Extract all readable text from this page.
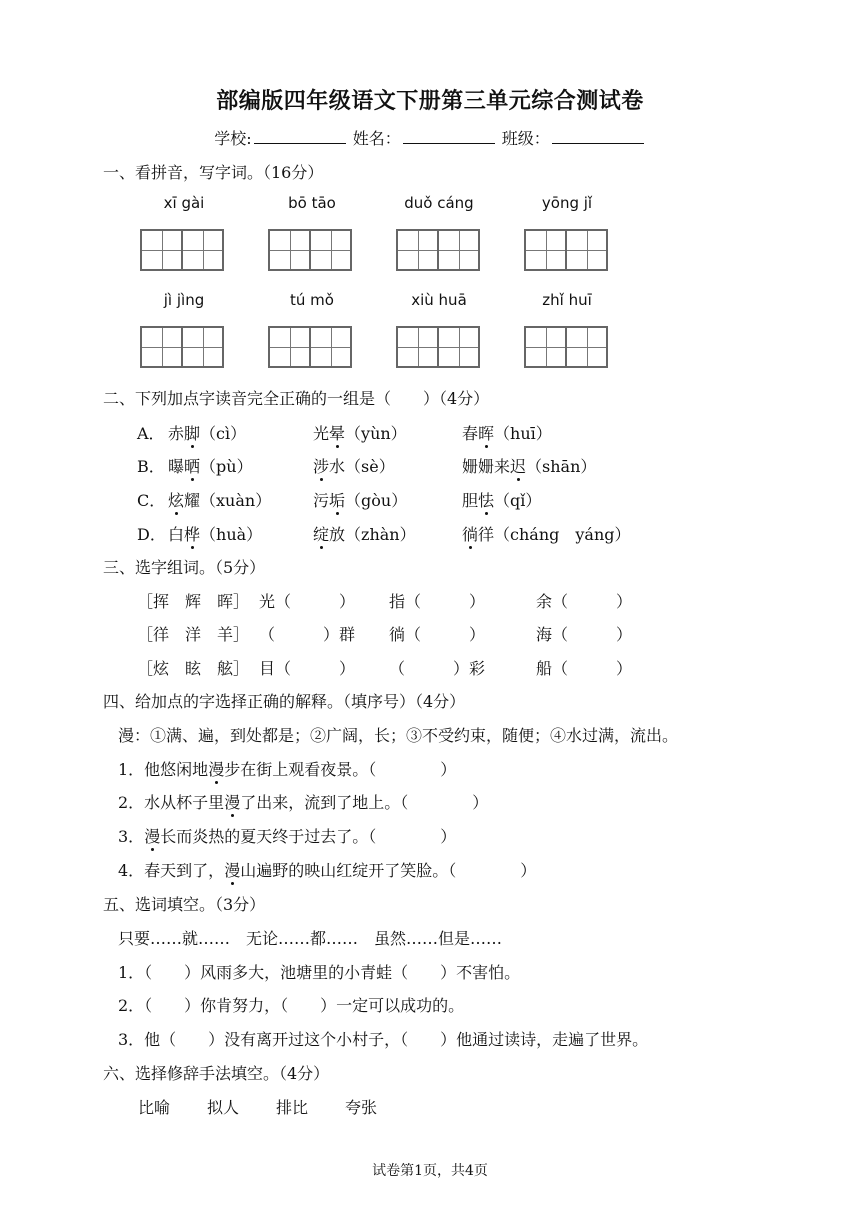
部编版四年级语文下册第三单元综合测试卷
学校:	姓名：	班级：
一、看拼音，写字词。（16分）
xī gài	bō tāo	duǒ cáng	yōng jǐ
jì jìng	tú mǒ	xiù huā	zhǐ huī
二、下列加点字读音完全正确的一组是（　　）（4分）
A． 赤脚（cì）	光晕（yùn）	春晖（huī）
B． 曝晒（pù）	涉水（sè）	姗姗来迟（shān）
C． 炫耀（xuàn）	污垢（gòu）	胆怯（qǐ）
D． 白桦（huà）	绽放（zhàn）	徜徉（cháng　yáng）
三、选字组词。（5分）
［挥　辉　晖］ 光（　　　） 指（　　　）	余（　　　）
［徉　洋　羊］ （　　　）群 徜（　　　）	海（　　　）
［炫　眩　舷］ 目（　　　） （　　　）彩	船（　　　）
四、给加点的字选择正确的解释。（填序号）（4分）
漫：①满、遍，到处都是；②广阔，长；③不受约束，随便；④水过满，流出。
1．他悠闲地漫步在街上观看夜景。（　　　　）
2．水从杯子里漫了出来，流到了地上。（　　　　）
3．漫长而炎热的夏天终于过去了。（　　　　）
4．春天到了，漫山遍野的映山红绽开了笑脸。（　　　　）
五、选词填空。（3分）
只要……就……　无论……都……　虽然……但是……
1．（　　）风雨多大，池塘里的小青蛙（　　）不害怕。
2．（　　）你肯努力，（　　）一定可以成功的。
3．他（　　）没有离开过这个小村子，（　　）他通过读诗，走遍了世界。
六、选择修辞手法填空。（4分）
比喻 拟人 排比 夸张
试卷第1页，共4页
